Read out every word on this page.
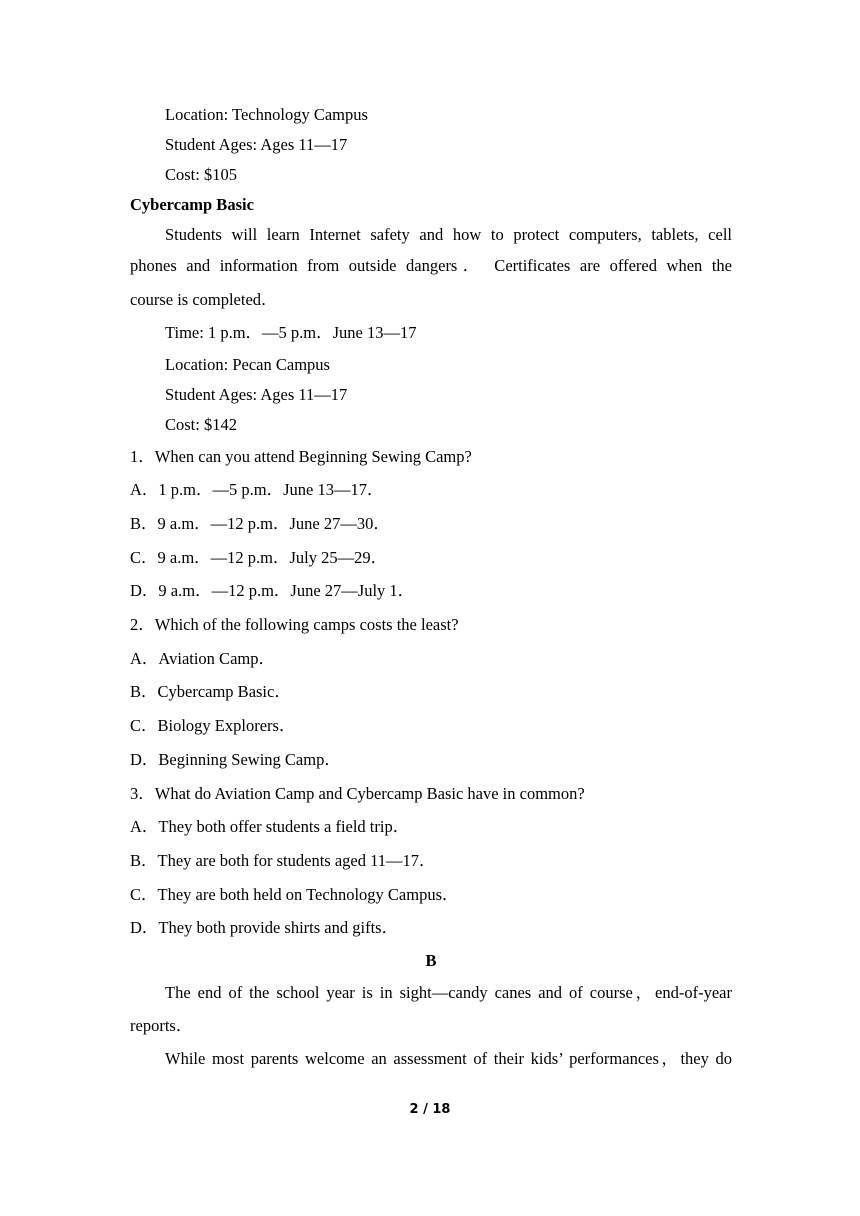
Location: Technology Campus
Student Ages: Ages 11—17
Cost: $105
Cybercamp Basic
Students will learn Internet safety and how to protect computers, tablets, cell
phones and information from outside dangers． Certificates are offered when the
course is completed．
Time: 1 p.m．—5 p.m．June 13—17
Location: Pecan Campus
Student Ages: Ages 11—17
Cost: $142
1．When can you attend Beginning Sewing Camp?
A．1 p.m．—5 p.m．June 13—17．
B．9 a.m．—12 p.m．June 27—30．
C．9 a.m．—12 p.m．July 25—29．
D．9 a.m．—12 p.m．June 27—July 1．
2．Which of the following camps costs the least?
A．Aviation Camp．
B．Cybercamp Basic．
C．Biology Explorers．
D．Beginning Sewing Camp．
3．What do Aviation Camp and Cybercamp Basic have in common?
A．They both offer students a field trip．
B．They are both for students aged 11—17．
C．They are both held on Technology Campus．
D．They both provide shirts and gifts．
B
The end of the school year is in sight—candy canes and of course，end-of-year
reports．
While most parents welcome an assessment of their kids’ performances，they do
2 / 18
